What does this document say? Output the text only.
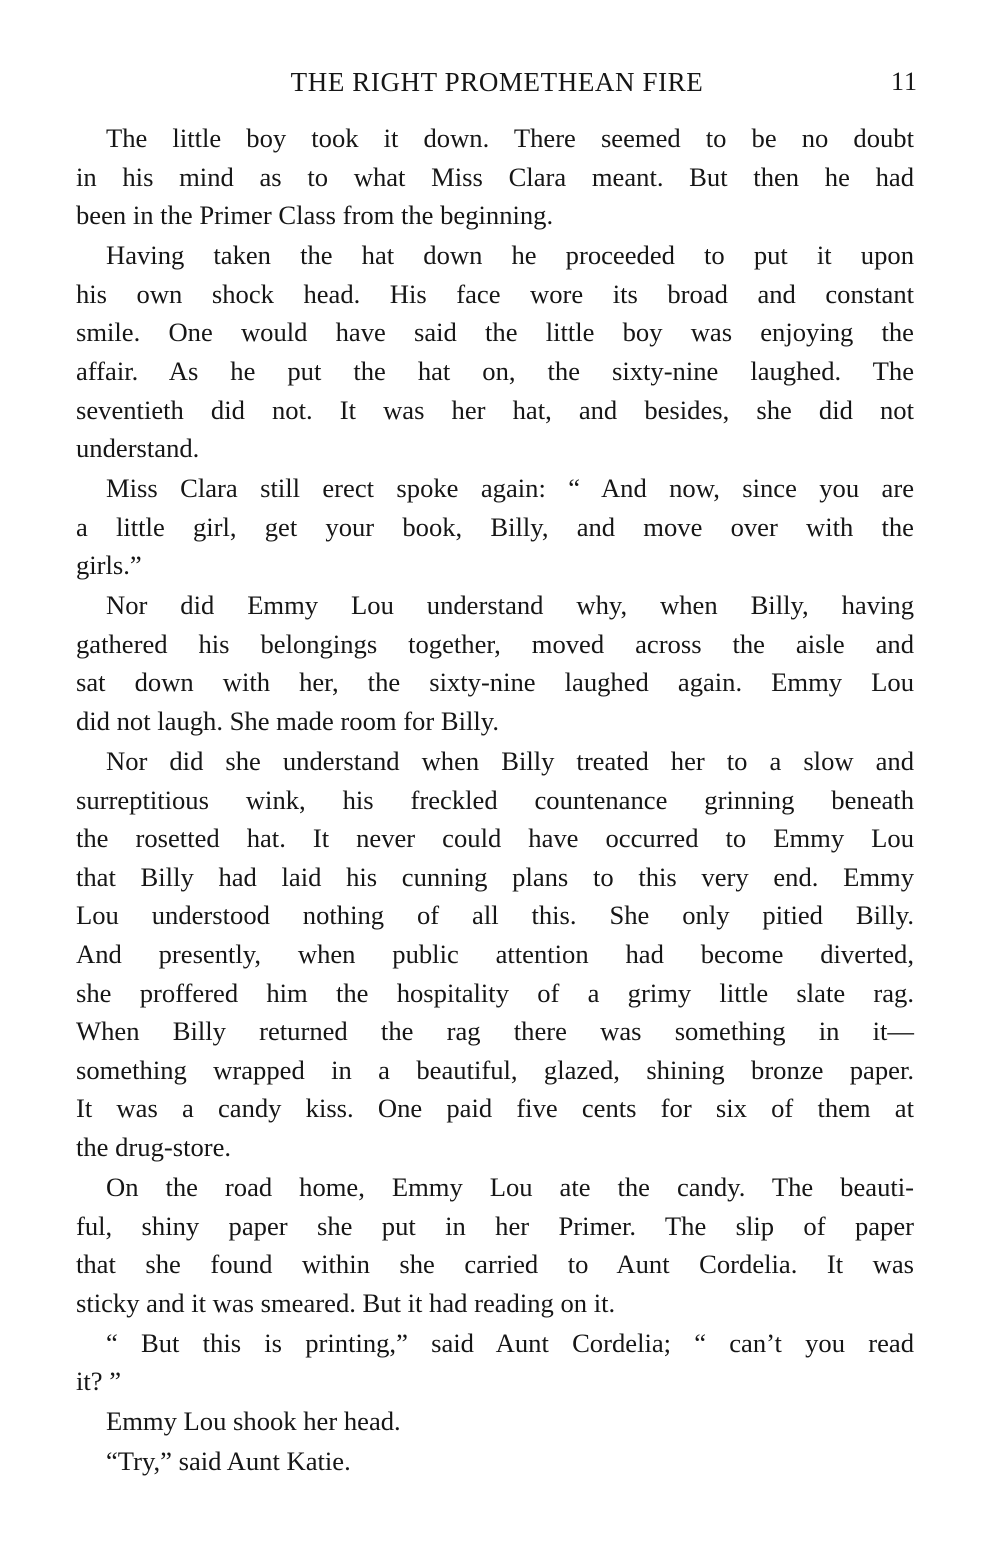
THE RIGHT PROMETHEAN FIRE	11
The little boy took it down. There seemed to be no doubt
in his mind as to what Miss Clara meant. But then he had
been in the Primer Class from the beginning.
Having taken the hat down he proceeded to put it upon
his own shock head. His face wore its broad and constant
smile. One would have said the little boy was enjoying the
affair. As he put the hat on, the sixty-nine laughed. The
seventieth did not. It was her hat, and besides, she did not
understand.
Miss Clara still erect spoke again: “ And now, since you are
a little girl, get your book, Billy, and move over with the
girls.”
Nor did Emmy Lou understand why, when Billy, having
gathered his belongings together, moved across the aisle and
sat down with her, the sixty-nine laughed again. Emmy Lou
did not laugh. She made room for Billy.
Nor did she understand when Billy treated her to a slow and
surreptitious wink, his freckled countenance grinning beneath
the rosetted hat. It never could have occurred to Emmy Lou
that Billy had laid his cunning plans to this very end. Emmy
Lou understood nothing of all this. She only pitied Billy.
And presently, when public attention had become diverted,
she proffered him the hospitality of a grimy little slate rag.
When Billy returned the rag there was something in it—
something wrapped in a beautiful, glazed, shining bronze paper.
It was a candy kiss. One paid five cents for six of them at
the drug-store.
On the road home, Emmy Lou ate the candy. The beauti-
ful, shiny paper she put in her Primer. The slip of paper
that she found within she carried to Aunt Cordelia. It was
sticky and it was smeared. But it had reading on it.
“ But this is printing,” said Aunt Cordelia; “ can’t you read
it? ”
Emmy Lou shook her head.
“Try,” said Aunt Katie.
